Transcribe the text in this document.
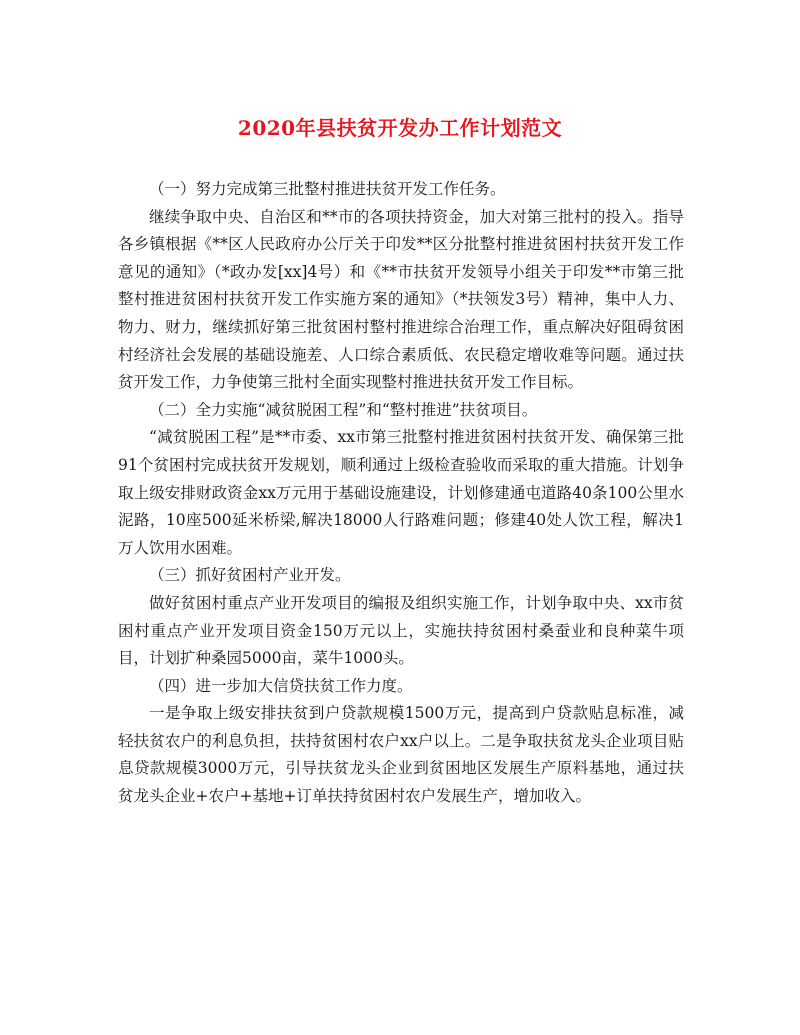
2020年县扶贫开发办工作计划范文

（一）努力完成第三批整村推进扶贫开发工作任务。

继续争取中央、自治区和**市的各项扶持资金，加大对第三批村的投入。指导各乡镇根据《**区人民政府办公厅关于印发**区分批整村推进贫困村扶贫开发工作意见的通知》（*政办发[xx]4号）和《**市扶贫开发领导小组关于印发**市第三批整村推进贫困村扶贫开发工作实施方案的通知》（*扶领发3号）精神，集中人力、物力、财力，继续抓好第三批贫困村整村推进综合治理工作，重点解决好阻碍贫困村经济社会发展的基础设施差、人口综合素质低、农民稳定增收难等问题。通过扶贫开发工作，力争使第三批村全面实现整村推进扶贫开发工作目标。

（二）全力实施“减贫脱困工程”和“整村推进”扶贫项目。

“减贫脱困工程”是**市委、xx市第三批整村推进贫困村扶贫开发、确保第三批91个贫困村完成扶贫开发规划，顺利通过上级检查验收而采取的重大措施。计划争取上级安排财政资金xx万元用于基础设施建设，计划修建通屯道路40条100公里水泥路，10座500延米桥梁,解决18000人行路难问题；修建40处人饮工程，解决1万人饮用水困难。

（三）抓好贫困村产业开发。

做好贫困村重点产业开发项目的编报及组织实施工作，计划争取中央、xx市贫困村重点产业开发项目资金150万元以上，实施扶持贫困村桑蚕业和良种菜牛项目，计划扩种桑园5000亩，菜牛1000头。

（四）进一步加大信贷扶贫工作力度。

一是争取上级安排扶贫到户贷款规模1500万元，提高到户贷款贴息标准，减轻扶贫农户的利息负担，扶持贫困村农户xx户以上。二是争取扶贫龙头企业项目贴息贷款规模3000万元，引导扶贫龙头企业到贫困地区发展生产原料基地，通过扶贫龙头企业+农户+基地+订单扶持贫困村农户发展生产，增加收入。
